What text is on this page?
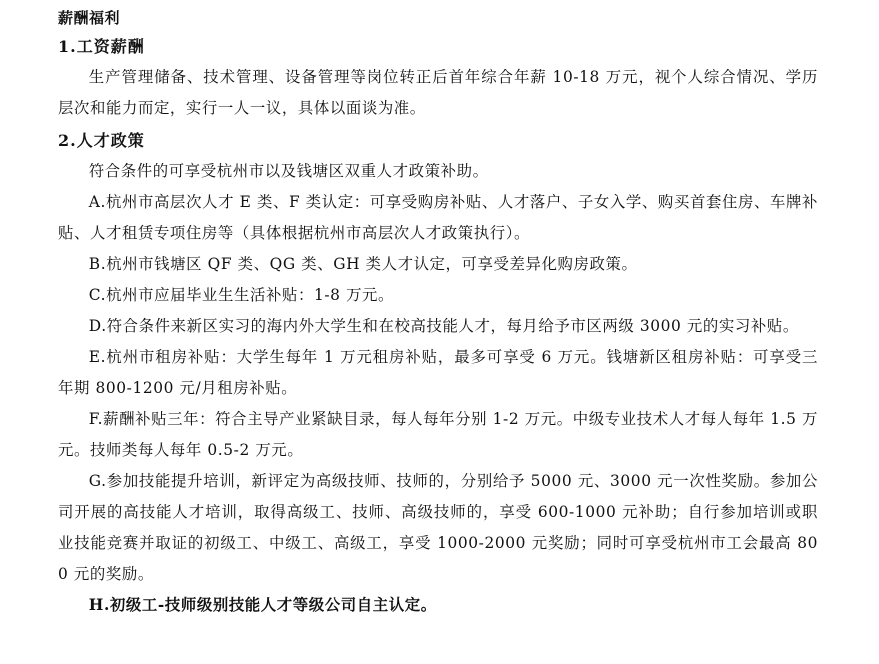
薪酬福利
1.工资薪酬

生产管理储备、技术管理、设备管理等岗位转正后首年综合年薪 10-18 万元，视个人综合情况、学历层次和能力而定，实行一人一议，具体以面谈为准。

2.人才政策

符合条件的可享受杭州市以及钱塘区双重人才政策补助。

A.杭州市高层次人才 E 类、F 类认定：可享受购房补贴、人才落户、子女入学、购买首套住房、车牌补贴、人才租赁专项住房等（具体根据杭州市高层次人才政策执行）。

B.杭州市钱塘区 QF 类、QG 类、GH 类人才认定，可享受差异化购房政策。

C.杭州市应届毕业生生活补贴：1-8 万元。

D.符合条件来新区实习的海内外大学生和在校高技能人才，每月给予市区两级 3000 元的实习补贴。

E.杭州市租房补贴：大学生每年 1 万元租房补贴，最多可享受 6 万元。钱塘新区租房补贴：可享受三年期 800-1200 元/月租房补贴。

F.薪酬补贴三年：符合主导产业紧缺目录，每人每年分别 1-2 万元。中级专业技术人才每人每年 1.5 万元。技师类每人每年 0.5-2 万元。

G.参加技能提升培训，新评定为高级技师、技师的，分别给予 5000 元、3000 元一次性奖励。参加公司开展的高技能人才培训，取得高级工、技师、高级技师的，享受 600-1000 元补助；自行参加培训或职业技能竞赛并取证的初级工、中级工、高级工，享受 1000-2000 元奖励；同时可享受杭州市工会最高 800 元的奖励。

H.初级工-技师级别技能人才等级公司自主认定。
